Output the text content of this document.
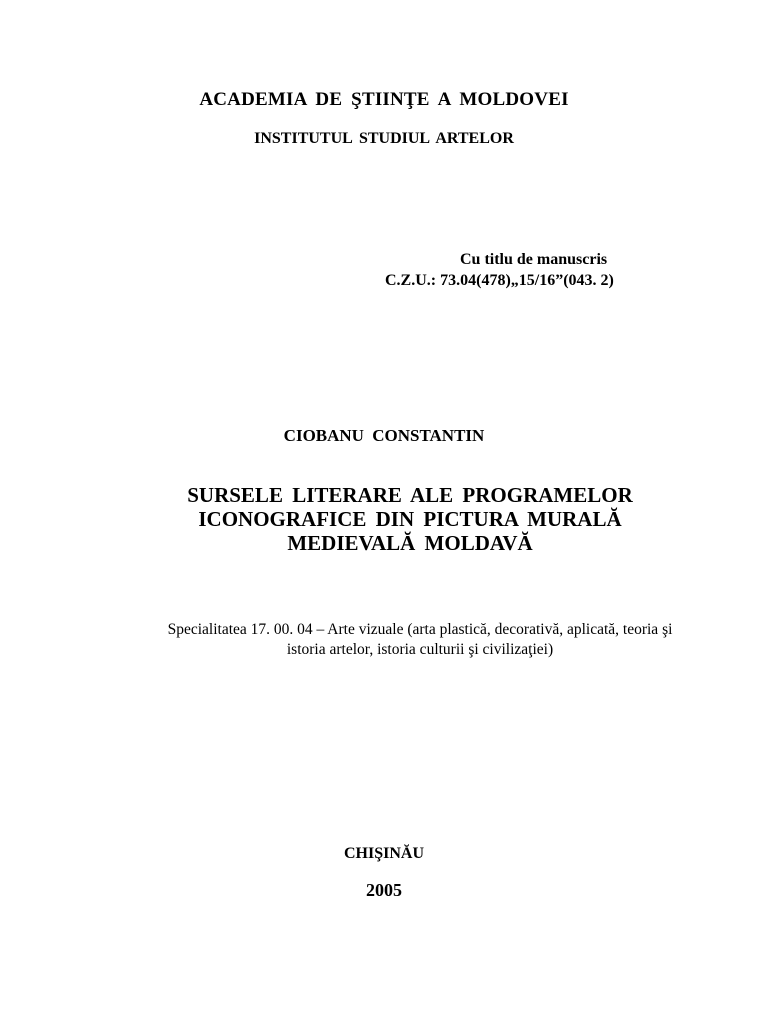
ACADEMIA DE ŞTIINŢE A MOLDOVEI
INSTITUTUL STUDIUL ARTELOR
Cu titlu de manuscris
C.Z.U.: 73.04(478)„15/16”(043. 2)
CIOBANU CONSTANTIN
SURSELE LITERARE ALE PROGRAMELOR
ICONOGRAFICE DIN PICTURA MURALĂ
MEDIEVALĂ MOLDAVĂ
Specialitatea 17. 00. 04 – Arte vizuale (arta plastică, decorativă, aplicată, teoria şi
istoria artelor, istoria culturii şi civilizaţiei)
CHIŞINĂU
2005
